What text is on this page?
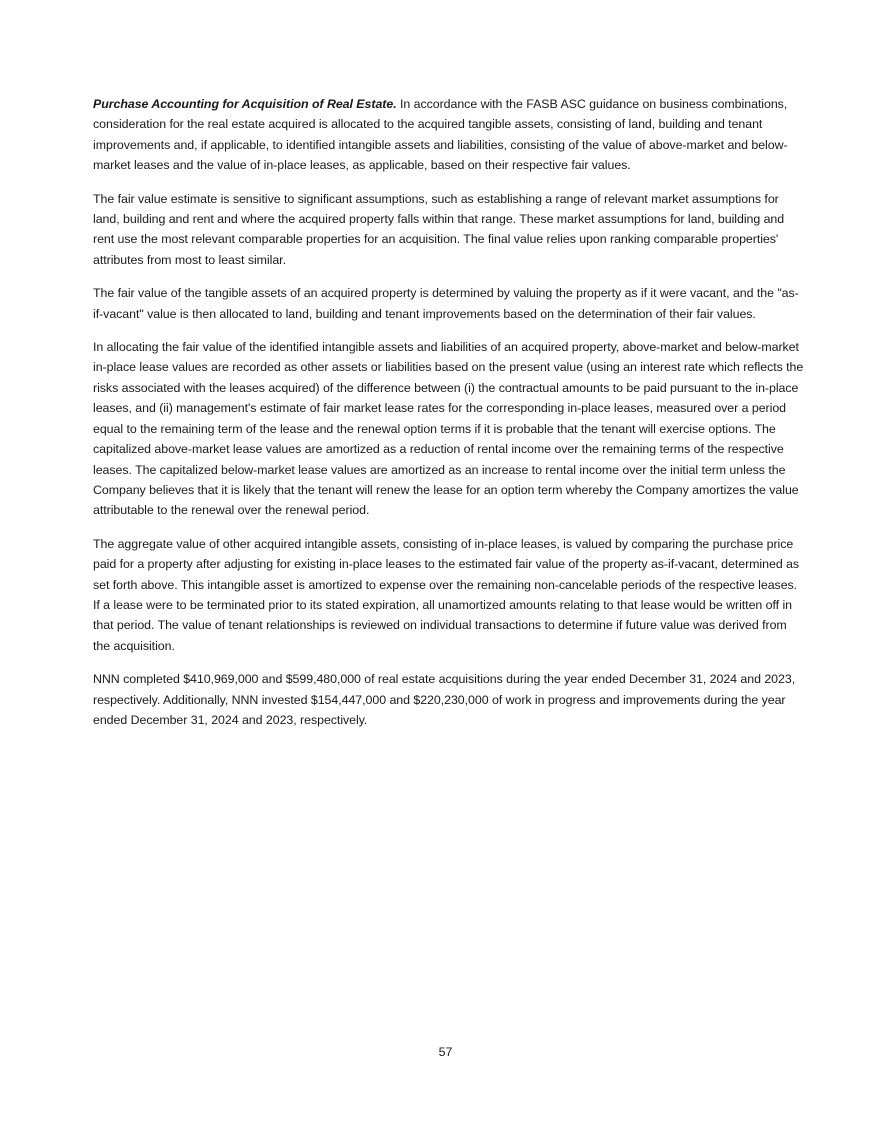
Purchase Accounting for Acquisition of Real Estate. In accordance with the FASB ASC guidance on business combinations, consideration for the real estate acquired is allocated to the acquired tangible assets, consisting of land, building and tenant improvements and, if applicable, to identified intangible assets and liabilities, consisting of the value of above-market and below-market leases and the value of in-place leases, as applicable, based on their respective fair values.

The fair value estimate is sensitive to significant assumptions, such as establishing a range of relevant market assumptions for land, building and rent and where the acquired property falls within that range. These market assumptions for land, building and rent use the most relevant comparable properties for an acquisition. The final value relies upon ranking comparable properties' attributes from most to least similar.

The fair value of the tangible assets of an acquired property is determined by valuing the property as if it were vacant, and the "as-if-vacant" value is then allocated to land, building and tenant improvements based on the determination of their fair values.

In allocating the fair value of the identified intangible assets and liabilities of an acquired property, above-market and below-market in-place lease values are recorded as other assets or liabilities based on the present value (using an interest rate which reflects the risks associated with the leases acquired) of the difference between (i) the contractual amounts to be paid pursuant to the in-place leases, and (ii) management's estimate of fair market lease rates for the corresponding in-place leases, measured over a period equal to the remaining term of the lease and the renewal option terms if it is probable that the tenant will exercise options. The capitalized above-market lease values are amortized as a reduction of rental income over the remaining terms of the respective leases. The capitalized below-market lease values are amortized as an increase to rental income over the initial term unless the Company believes that it is likely that the tenant will renew the lease for an option term whereby the Company amortizes the value attributable to the renewal over the renewal period.

The aggregate value of other acquired intangible assets, consisting of in-place leases, is valued by comparing the purchase price paid for a property after adjusting for existing in-place leases to the estimated fair value of the property as-if-vacant, determined as set forth above. This intangible asset is amortized to expense over the remaining non-cancelable periods of the respective leases. If a lease were to be terminated prior to its stated expiration, all unamortized amounts relating to that lease would be written off in that period. The value of tenant relationships is reviewed on individual transactions to determine if future value was derived from the acquisition.

NNN completed $410,969,000 and $599,480,000 of real estate acquisitions during the year ended December 31, 2024 and 2023, respectively. Additionally, NNN invested $154,447,000 and $220,230,000 of work in progress and improvements during the year ended December 31, 2024 and 2023, respectively.

57
